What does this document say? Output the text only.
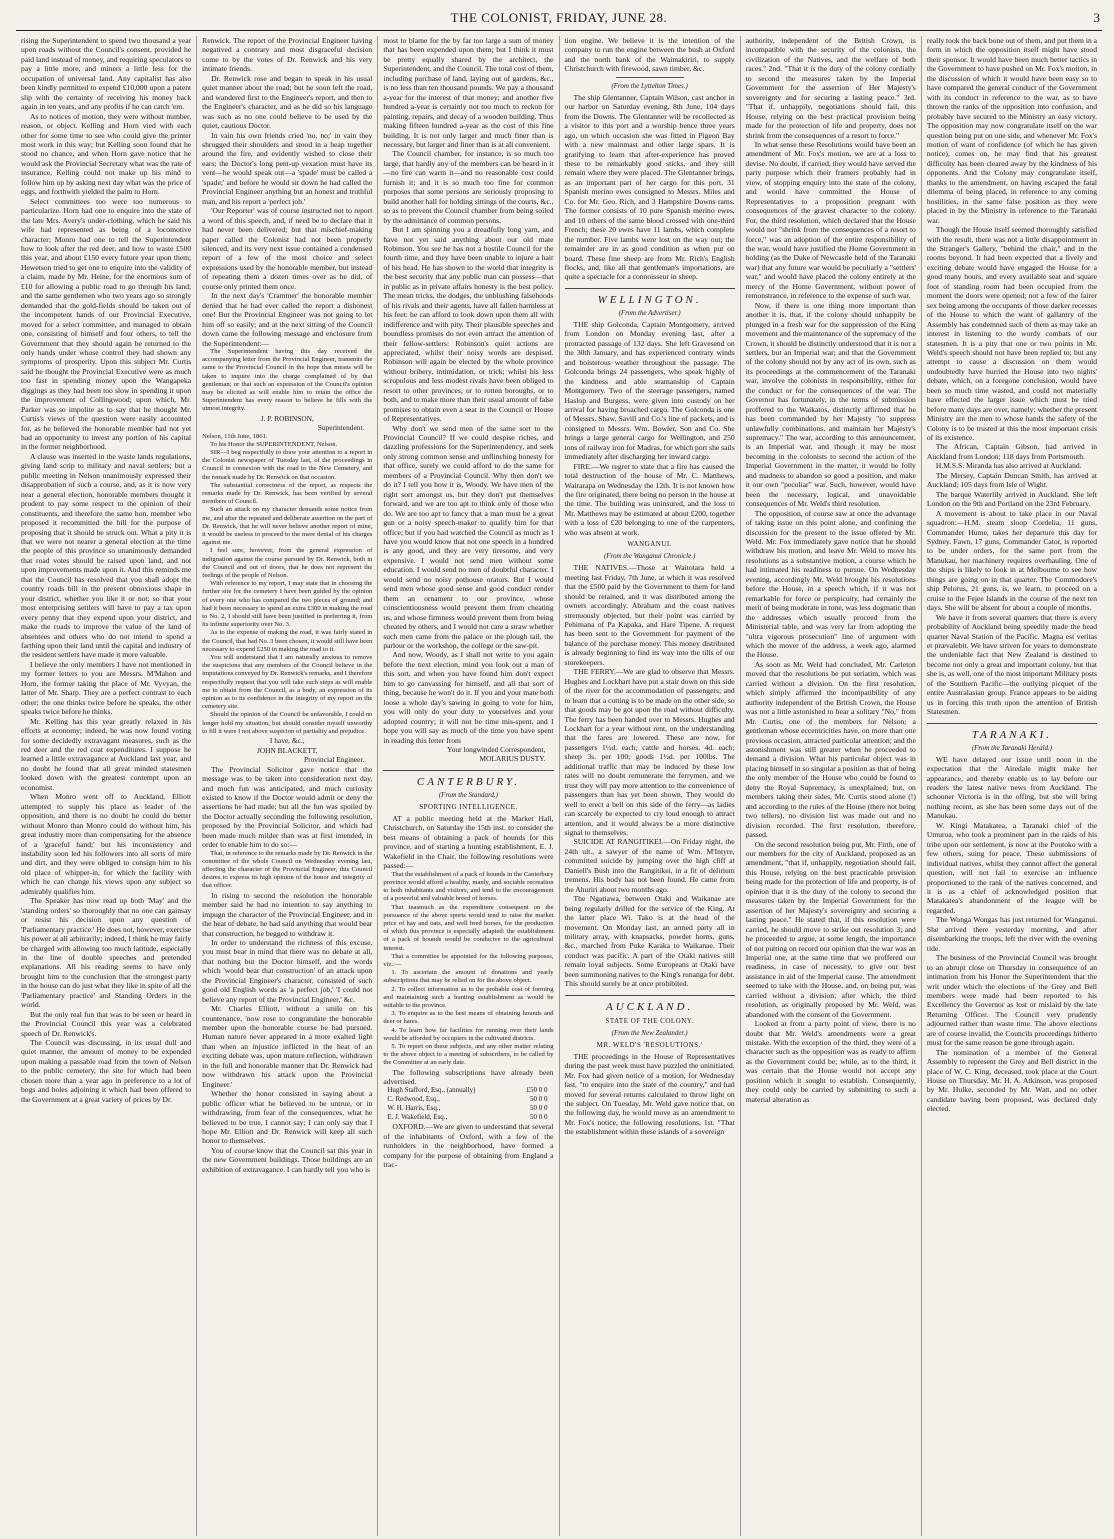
THE COLONIST, FRIDAY, JUNE 28.	3

rising the Superintendent to spend two thousand a year upon roads without the Council's consent, provided he paid land instead of money, and requiring speculators to pay a little more, and miners a little less for the occupation of universal land. Any capitalist has also been kindly permitted to expend £10,000 upon a patent slip with the certainty of receiving his money back again in ten years, and any profits if he can catch 'em.

As to notices of motion, they were without number, reason, or object. Kelling and Horn vied with each other for some time to see who could give the printer most work in this way; but Kelling soon found that he stood no chance, and when Horn gave notice that he would ask the Provincial Secretary what was the rate of insurance, Kelling could not make up his mind to follow him up by asking next day what was the price of eggs, and forthwith yielded the palm to Horn.

Select committees too were too numerous to particularize. Horn had one to enquire into the state of the late Mrs. Avery's under-clothing, which he said his wife had represented as being of a locomotive character; Monro had one to tell the Superintendent how to look after the red deer, and how to waste £500 this year, and about £150 every future year upon them; Hewetson tried to get one to enquire into the validity of a claim, made by Mr. Heine, for the enormous sum of £10 for allowing a public road to go through his land; and the same gentlemen who two years ago so strongly demanded that the gold-fields should be taken out of the incompetent hands of our Provincial Executive, moved for a select committee, and managed to obtain one, consisting of himself and four others, to tell the Government that they should again be returned to the only hands under whose control they had shown any symptoms of prosperity. Upon this subject Mr. Curtis said he thought the Provincial Executive were as much too fast in spending money upon the Wangapeka diggings as they had been too slow in spending it upon the improvement of Collingwood; upon which, Mr. Parker was so impolite as to say that he thought Mr. Curtis's views of the question were easily accounted for, as he believed the honorable member had not yet had an opportunity to invest any portion of his capital in the former neighborhood.

A clause was inserted in the waste lands regulations, giving land scrip to military and naval settlers; but a public meeting in Nelson unanimously expressed their disapprobation of such a course, and, as it is now very near a general election, honorable members thought it prudent to pay some respect to the opinion of their constituents, and therefore the same hon. member who proposed it recommitted the bill for the purpose of proposing that it should be struck out. What a pity it is that we were not nearer a general election at the time the people of this province so unanimously demanded that road votes should be raised upon land, and not upon improvements made upon it. And this reminds me that the Council has resolved that you shall adopt the country roads bill in the present obnoxious shape in your district, whether you like it or not; so that your most enterprising settlers will have to pay a tax upon every penny that they expend upon your district, and make the roads to improve the value of the land of absentees and others who do not intend to spend a farthing upon their land until the capital and industry of the resident settlers have made it more valuable.

I believe the only members I have not mentioned in my former letters to you are Messrs. M'Mahon and Horn, the former taking the place of Mr. Vyvyan, the latter of Mr. Sharp. They are a perfect contrast to each other; the one thinks twice before he speaks, the other speaks twice before he thinks.

Mr. Kelling has this year greatly relaxed in his efforts at economy; indeed, he was now found voting for some decidedly extravagant measures, such as the red deer and the red coat expenditures. I suppose he learned a little extravagance at Auckland last year, and no doubt he found that all great minded statesmen looked down with the greatest contempt upon an economist.

When Monro went off to Auckland, Elliott attempted to supply his place as leader of the opposition, and there is no doubt he could do better without Monro than Monro could do without him, his great industry more than compensating for the absence of a 'graceful hand;' but his inconsistency and instability soon led his followers into all sorts of mire and dirt, and they were obliged to consign him to his old place of whipper-in, for which the facility with which he can change his views upon any subject so admirably qualifies him.

The Speaker has now read up both 'May' and the 'standing orders' so thoroughly that no one can gainsay or resist his decision upon any question of 'Parliamentary practice.' He does not, however, exercise his power at all arbitrarily; indeed, I think he may fairly be charged with allowing too much latitude, especially in the line of double speeches and pretended explanations. All his reading seems to have only brought him to the conclusion that the strongest party in the house can do just what they like in spite of all the 'Parliamentary practice' and Standing Orders in the world.

But the only real fun that was to be seen or heard in the Provincial Council this year was a celebrated speech of Dr. Renwick's.

The Council was discussing, in its usual dull and quiet manner, the amount of money to be expended upon making a passable road from the town of Nelson to the public cemetery, the site for which had been chosen more than a year ago in preference to a lot of bogs and holes adjoining it which had been offered to the Government at a great variety of prices by Dr.

Renwick. The report of the Provincial Engineer having negatived a contrary and most disgraceful decision come to by the votes of Dr. Renwick and his very intimate friends.

Dr. Renwick rose and began to speak in his usual quiet manner about the road; but he soon left the road, and wandered first to the Engineer's report, and then to the Engineer's character, and as he did so his language was such as no one could believe to be used by the quiet, cautious Doctor.

In vain his own friends cried 'no, no;' in vain they shrugged their shoulders and stood in a heap together around the fire, and evidently wished to close their ears; the Doctor's long pent-up vexation must have its vent—he would speak out—a 'spade' must be called a 'spade;' and before he would sit down he had called the Provincial Engineer anything but an honest and truthful man, and his report a 'perfect job.'

'Our Reporter' was of course instructed not to report a word of this speech, and, if need be to declare that it had never been delivered; but that mischief-making paper called the Colonist had not been properly silenced, and its very next issue contained a condensed report of a few of the most choice and select expressions used by the honorable member, but instead of repeating them a dozen times over as he did, of course only printed them once.

In the next day's 'Crammer' the honorable member denied that he had ever called the report a dishonest one! But the Provincial Engineer was not going to let him off so easily; and at the next sitting of the Council down came the following message and enclosure from the Superintendent:—

The Superintendent having this day received the accompanying letter from the Provincial Engineer, transmits the same to the Provincial Council in the hope that means will be taken to inquire into the charge complained of by that gentleman; or that such an expression of the Council's opinion may be elicited as will enable him to retain the office the Superintendent has every reason to believe he fills with the utmost integrity.

J. P. ROBINSON,
Superintendent.
Nelson, 11th June, 1861.

To his Honor the SUPERINTENDENT, Nelson.

SIR—I beg respectfully to draw your attention to a report in the Colonist newspaper of Tuesday last, of the proceedings in Council in connexion with the road to the New Cemetery, and the remark made by Dr. Renwick on that occasion.

The substantial correctness of the report, as respects the remarks made by Dr. Renwick, has been verified by several members of Council.

Such an attack on my character demands some notice from me, and after the repeated and deliberate assertion on the part of Dr. Renwick, that he will never believe another report of mine, it would be useless to proceed to the mere denial of his charges against me.

I feel sure, however, from the general expression of indignation against the course pursued by Dr. Renwick, both in the Council and out of doors, that he does not represent the feelings of the people of Nelson.

With reference to my report, I may state that in choosing the further site for the cemetery I have been guided by the opinion of every one who has compared the two pieces of ground; and had it been necessary to spend an extra £300 in making the road to No. 2, I should still have been justified in preferring it, from its infinite superiority over No. 3.

As to the expense of making the road, it was fairly stated in the Council, that had No. 3 been chosen, it would still have been necessary to expend £250 in making the road to it.

You will understand that I am naturally anxious to remove the suspicions that any members of the Council believe in the imputations conveyed by Dr. Renwick's remarks, and I therefore respectfully request that you will take such steps as will enable me to obtain from the Council, as a body, an expression of its opinion as to its confidence in the integrity of my report on the cemetery site.

Should the opinion of the Council be unfavorable, I could no longer hold my situation, but should consider myself unworthy to fill it were I not above suspicion of partiality and prejudice.

I have, &c.,
JOHN BLACKETT,
Provincial Engineer.

The Provincial Solicitor gave notice that the message was to be taken into consideration next day, and much fun was anticipated, and much curiosity existed to know if the Doctor would admit or deny the assertions he had made; but all the fun was spoiled by the Doctor actually seconding the following resolution, proposed by the Provincial Solicitor, and which had been made much milder than was at first intended, in order to enable him to do so:—

That, in reference to the remarks made by Dr. Renwick in the committee of the whole Council on Wednesday evening last, affecting the character of the Provincial Engineer, this Council desires to express its high opinion of the honor and integrity of that officer.

In rising to second the resolution the honorable member said he had no intention to say anything to impugn the character of the Provincial Engineer, and in the heat of debate, he had said anything that would bear that construction, he begged to withdraw it.

In order to understand the richness of this excuse, you must bear in mind that there was no debate at all, that nothing but the Doctor himself, and the words which 'would bear that construction' of an attack upon the Provincial Engineer's character, consisted of such good old English words as 'a perfect job,' 'I could not believe any report of the Provincial Engineer,' &c.

Mr. Charles Elliott, without a smile on his countenance, 'now rose to congratulate the honorable member upon the honorable course he had pursued. Human nature never appeared in a more exalted light than when an injustice inflicted in the heat of an exciting debate was, upon mature reflection, withdrawn in the full and honorable manner that Dr. Renwick had now withdrawn his attack upon the Provincial Engineer.'

Whether the honor consisted in saying about a public officer what he believed to be untrue, or in withdrawing, from fear of the consequences, what he believed to be true, I cannot say; I can only say that I hope Mr. Elliott and Dr. Renwick will keep all such honor to themselves.

You of course know that the Council sat this year in the new Government buildings. Those buildings are an exhibition of extravagance. I can hardly tell you who is

most to blame for the by far too large a sum of money that has been expended upon them; but I think it must be pretty equally shared by the architect, the Superintendent, and the Council. The total cost of them, including purchase of land, laying out of gardens, &c., is no less than ten thousand pounds. We pay a thousand a-year for the interest of that money; and another five hundred a-year is certainly not too much to reckon for painting, repairs, and decay of a wooden building. Thus making fifteen hundred a-year as the cost of this fine building. It is not only larger and much finer than is necessary, but larger and finer than is at all convenient.

The Council chamber, for instance, is so much too large, that hardly any of the members can be heard in it—no fire can warm it—and no reasonable cost could furnish it; and it is so much too fine for common purposes that some persons are seriously proposing to build another hall for holding sittings of the courts, &c., so as to prevent the Council chamber from being soiled by the admittance of common persons.

But I am spinning you a dreadfully long yarn, and have not yet said anything about our old mate Robinson. You see he has not a hostile Council for the fourth time, and they have been unable to injure a hair of his head. He has shown to the world that integrity is the best security that any public man can possess—that in public as in private affairs honesty is the best policy. The mean tricks, the dodges, the unblushing falsehoods of his rivals and their agents, have all fallen harmless at his feet: he can afford to look down upon them all with indifference and with pity. Their plausible speeches and boundless promises do not even attract the attention of their fellow-settlers: Robinson's quiet actions are appreciated, whilst their noisy words are despised. Robinson will again be elected by the whole province without bribery, intimidation, or trick; whilst his less scrupulous and less modest rivals have been obliged to resort to other provinces, or to rotten boroughs, or to both, and to make more than their usual amount of false promises to obtain even a seat in the Council or House of Representatives.

Why don't we send men of the same sort to the Provincial Council? If we could despise riches, and dazzling professions for the Superintendency, and seek only strong common sense and unflinching honesty for that office, surely we could afford to do the same for members of a Provincial Council. Why then don't we do it? I tell you how it is, Woody. We have men of the right sort amongst us, but they don't put themselves forward, and we are too apt to think only of those who do. We are too apt to fancy that a man must be a great gun or a noisy speech-maker to qualify him for that office; but if you had watched the Council as much as I have you would know that not one speech in a hundred is any good, and they are very tiresome, and very expensive. I would not send men without some education. I would send no men of doubtful character. I would send no noisy pothouse orators. But I would send men whose good sense and good conduct render them an ornament to our province, whose conscientiousness would prevent them from cheating us, and whose firmness would prevent them from being cheated by others, and I would not care a straw whether such men came from the palace or the plough tail, the parlour or the workshop, the college or the saw-pit.

And now, Woody, as I shall not write to you again before the next election, mind you look out a man of this sort, and when you have found him don't expect him to go canvassing for himself, and all that sort of thing, because he won't do it. If you and your mate both loose a whole day's sawing in going to vote for him, you will only do your duty to yourselves and your adopted country; it will not be time mis-spent, and I hope you will say as much of the time you have spent in reading this letter from

Your longwinded Correspondent,
MOLARIUS DUSTY.
CANTERBURY.
(From the Standard.)
SPORTING INTELLIGENCE.

AT a public meeting held at the Market Hall, Christchurch, on Saturday the 15th inst. to consider the best means of obtaining a pack of hounds for this province, and of starting a hunting establishment, E. J. Wakefield in the Chair, the following resolutions were passed:—

That the establishment of a pack of hounds in the Canterbury province would afford a healthy, manly, and sociable recreation to both inhabitants and visitors, and tend to the encouragement of a powerful and valuable breed of horses.

That inasmuch as the expenditure consequent on the pursuance of the above sports would tend to raise the market price of hay and oats, and well bred horses, for the production of which this province is especially adapted: the establishment of a pack of hounds would be conducive to the agricultural interest.

That a committee be appointed for the following purposes, viz.:—

1. To ascertain the amount of donations and yearly subscriptions that may be relied on for the above object.

2. To collect information as to the probable cost of forming and maintaining such a hunting establishment as would be suitable to the province.

3. To enquire as to the best means of obtaining hounds and deer or hares.

4. To learn how far facilities for running over their lands would be afforded by occupiers in the cultivated districts.

5. To report on these subjects, and any other matter relating to the above object to a meeting of subscribers, to be called by the Committee at an early date.

The following subscriptions have already been advertised.

Hugh Stafford, Esq., (annually)	£50 0 0
C. Redwood, Esq.,	50 0 0
W. H. Harris, Esq.,	50 0 0
E. J. Wakefield, Esq.,	50 0 0

OXFORD.—We are given to understand that several of the inhabitants of Oxford, with a few of the runholders in the neighborhood, have formed a company for the purpose of obtaining from England a trac-

tion engine. We believe it is the intention of the company to run the engine between the bush at Oxford and the north bank of the Waimakiriri, to supply Christchurch with firewood, sawn timber, &c.

(From the Lyttelton Times.)

The ship Glentanner, Captain Wilson, cast anchor in our harbor on Saturday evening, 8th June, 104 days from the Downs. The Glentanner will be recollected as a visitor to this port and a worship hence three years ago, on which occasion she was fitted in Pigeon Bay with a new mainmast and other large spars. It is gratifying to learn that after-experience has proved these to be remarkably good sticks, and they still remain where they were placed. The Glentanner brings, as an important part of her cargo for this port, 31 Spanish merino ewes consigned to Messrs. Miles and Co. for Mr. Geo. Rich, and 3 Hampshire Downs rams. The former consists of 10 pure Spanish merino ewes, and 10 others of the same blood crossed with one-third French; these 20 ewes have 11 lambs, which complete the number. Five lambs were lost on the way out; the remainder are in as good condition as when put on board. These fine sheep are from Mr. Rich's English flocks, and, like all that gentleman's importations, are quite a spectacle for a connoisseur in sheep.

WELLINGTON.
(From the Advertiser.)

THE ship Golconda, Captain Montgomery, arrived from London on Monday evening last, after a protracted passage of 132 days. She left Gravesend on the 30th January, and has experienced contrary winds and boisterous weather throughout the passage. The Golconda brings 24 passengers, who speak highly of the kindness and able seamanship of Captain Montgomery. Two of the steerage passengers, named Haslop and Burgess, were given into custody on her arrival for having broached cargo. The Golconda is one of Messrs. Shaw, Savill and Co.'s line of packets, and is consigned to Messrs. Wm. Bowler, Son and Co. She brings a large general cargo for Wellington, and 250 tons of railway iron for Madras, for which port she sails immediately after discharging her inward cargo.

FIRE.—We regret to state that a fire has caused the total destruction of the house of Mr. C. Matthews, Wairarapa on Wednesday the 12th. It is not known how the fire originated, there being no person in the house at the time. The building was uninsured, and the loss to Mr. Matthews may be estimated at about £200, together with a loss of £20 belonging to one of the carpenters, who was absent at work.

WANGANUI.
(From the Wanganui Chronicle.)

THE NATIVES.—Those at Waitotara held a meeting last Friday, 7th June, at which it was resolved that the £500 paid by the Government to them for land should be retained, and it was distributed among the owners accordingly. Abraham and the coast natives strenuously objected, but their point was carried by Pehimana of Pa Kapaka, and Hare Tipene. A request has been sent to the Government for payment of the balance of the purchase money. This money distributed is already beginning to find its way into the tills of our storekeepers.

THE FERRY.—We are glad to observe that Messrs. Hughes and Lockhart have put a stair down on this side of the river for the accommodation of passengers; and to learn that a cutting is to be made on the other side, so that goods may be got upon the road without difficulty. The ferry has been handed over to Messrs. Hughes and Lockhart for a year without rent, on the understanding that the fares are lowered. These are now, for passengers 1½d. each; cattle and horses, 4d. each; sheep 3s. per 100; goods 1½d. per 100lbs. The additional traffic that may be induced by these low rates will no doubt remunerate the ferrymen, and we trust they will pay more attention to the convenience of passengers than has yet been shown. They would do well to erect a bell on this side of the ferry—as ladies can scarcely be expected to cry loud enough to attract attention, and it would always be a more distinctive signal to themselves.

SUICIDE AT RANGITIKEI.—On Friday night, the 24th ult., a sawyer of the name of Wm. M'Intyre, committed suicide by jumping over the high cliff at Daniell's Bush into the Rangitikei, in a fit of delirium tremens. His body has not been found. He came from the Ahuriri about two months ago.

The Ngatiawa, between Otaki and Waikanae are being regularly drilled for the service of the King. At the latter place Wi. Tako is at the head of the movement. On Monday last, an armed party all in military array, with knapsacks, powder horns, guns, &c., marched from Puke Karaka to Waikanae. Their conduct was pacific. A part of the Otaki natives still remain loyal subjects. Some Europeans at Otaki have been summoning natives to the King's runanga for debt. This should surely be at once prohibited.

AUCKLAND.
STATE OF THE COLONY.
(From the New Zealander.)
MR. WELD'S 'RESOLUTIONS.'

THE proceedings in the House of Representatives during the past week must have puzzled the uninitiated. Mr. Fox had given notice of a motion, for Wednesday last, "to enquire into the state of the country," and had moved for several returns calculated to throw light on the subject. On Tuesday, Mr. Weld gave notice that, on the following day, he would move as an amendment to Mr. Fox's notice, the following resolutions, 1st. "That the establishment within these islands of a sovereign

authority, independent of the British Crown, is incompatible with the security of the colonists, the civilization of the Natives, and the welfare of both races." 2nd. "That it is the duty of the colony cordially to second the measures taken by the Imperial Government for the assertion of Her Majesty's sovereignty and for securing a lasting peace." 3rd. "That if, unhappily, negotiations should fail, this House, relying on the best practical provision being made for the protection of life and property, does not shrink from the consequences of a resort to force."

In what sense these Resolutions would have been an amendment of Mr. Fox's motion, we are at a loss to devise. No doubt, if carried, they would have served the party purpose which their framers probably had in view, of stopping enquiry into the state of the colony, and would have committed the House of Representatives to a proposition pregnant with consequences of the gravest character to the colony. For, the third resolution, which declared that the House would not "shrink from the consequences of a resort to force," was an adoption of the entire responsibility of the war, would have justified the Home Government in holding (as the Duke of Newcastle held of the Taranaki war) that any future war would be peculiarly a "settlers' war," and would have placed the colony entirely at the mercy of the Home Government, without power of remonstrance, in reference to the expense of such war.

Now, if there is one thing more important than another it is, that, if the colony should unhappily be plunged in a fresh war for the suppression of the King movement and the maintenance of the supremacy of the Crown, it should be distinctly understood that it is not a settlers, but an Imperial war; and that the Government of the colony should not by any act of its own, such as its proceedings at the commencement of the Taranaki war, involve the colonists in responsibility, either for the conduct or for the consequences of the war. The Governor has fortunately, in the terms of submission proffered to the Waikatos, distinctly affirmed that he has been commanded by her Majesty "to suppress unlawfully combinations, and maintain her Majesty's supremacy." The war, according to this announcement, is an Imperial war, and though it may be most becoming in the colonists to second the action of the Imperial Government in the matter, it would be folly and madness to abandon so good a position, and make it our own "peculiar" war. Such, however, would have been the necessary, logical, and unavoidable consequences of Mr. Weld's third resolution.

The opposition, of course saw at once the advantage of taking issue on this point alone, and confining the discussion for the present to the issue offered by Mr. Weld. Mr. Fox immediately gave notice that he should withdraw his motion, and leave Mr. Weld to move his resolutions as a substantive motion, a course which he had intimated his readiness to pursue. On Wednesday evening, accordingly Mr. Weld brought his resolutions before the House, in a speech which, if it was not remarkable for force or perspicuity, had certainly the merit of being moderate in tone, was less dogmatic than the addresses which usually proceed from the Ministerial table, and was very far from adopting the "ultra vigorous prosecution" line of argument with which the mover of the address, a week ago, alarmed the House.

As soon as Mr. Weld had concluded, Mr. Carleton moved that the resolutions be put seriatim, which was carried without a division. On the first resolution, which simply affirmed the incompatibility of any authority independent of the British Crown, the House was not a little astonished to hear a solitary "No," from Mr. Curtis, one of the members for Nelson; a gentleman whose eccentricities have, on more than one previous occasion, attracted particular attention; and the astonishment was still greater when he proceeded to demand a division. What his particular object was in placing himself in so singular a position as that of being the only member of the House who could be found to deny the Royal Supremacy, is unexplained; but, on members taking their sides, Mr. Curtis stood alone (!) and according to the rules of the House (there not being two tellers), no division list was made out and no division recorded. The first resolution, therefore, passed.

On the second resolution being put, Mr. Firth, one of our members for the city of Auckland, proposed as an amendment, "that if, unhappily, negotiation should fail, this House, relying on the best practicable provision being made for the protection of life and property, is of opinion that it is the duty of the colony to second the measures taken by the Imperial Government for the assertion of her Majesty's sovereignty and securing a lasting peace." He stated that, if this resolution were carried, he should move to strike out resolution 3; and he proceeded to argue, at some length, the importance of not putting on record our opinion that the war was an Imperial one, at the same time that we proffered our readiness, in case of necessity, to give our best assistance in aid of the Imperial cause. The amendment seemed to take with the House, and, on being put, was carried without a division; after which, the third resolution, as originally proposed by Mr. Weld, was abandoned with the consent of the Government.

Looked at from a party point of view, there is no doubt that Mr. Weld's amendments were a great mistake. With the exception of the third, they were of a character such as the opposition was as ready to affirm as the Government could be; while, as to the third, it was certain that the House would not accept any position which it sought to establish. Consequently, they could only be carried by submitting to such a material alteration as

really took the back bone out of them, and put them in a form in which the opposition itself might have stood their sponsor. It would have been much better tactics in the Government to have pushed on Mr. Fox's motion, in the discussion of which it would have been easy so to have compared the general conduct of the Government with its conduct in reference to the war, as to have thrown the ranks of the opposition into confusion, and probably have secured to the Ministry an easy victory. The opposition may now congratulate itself on the war question being put on one side, and whenever Mr. Fox's motion of want of confidence (of which he has given notice), comes on, he may find that his greatest difficulty has been cleared away by the kindness of his opponents. And the Colony may congratulate itself, thanks to the amendment, on having escaped the fatal dilemma of being placed, in reference to any coming hostilities, in the same false position as they were placed in by the Ministry in reference to the Taranaki war.

Though the House itself seemed thoroughly satisfied with the result, there was not a little disappointment in the Stranger's Gallery, "behind the chair," and in the rooms beyond. It had been expected that a lively and exciting debate would have engaged the House for a good many hours, and every available seat and square foot of standing room had been occupied from the moment the doors were opened; not a few of the fairer sex being among the occupants of those darker recesses of the House to which the want of gallantry of the Assembly has condemned such of them as may take an interest in listening to the wordy combats of our statesmen. It is a pity that one or two points in Mr. Weld's speech should not have been replied to; but any attempt to cause a discussion on them would undoubtedly have hurried the House into two nights' debate, which, on a foregone conclusion, would have been so much time wasted, and could not materially have effected the larger issue which must be tried before many days are over, namely: whether the present Ministry are the men to whose hands the safety of the Colony is to be trusted at this the most important crisis of its existence.

The African, Captain Gibson, had arrived in Auckland from London; 118 days from Portsmouth.

H.M.S.S. Miranda has also arrived at Auckland.

The Mersey, Captain Duncan Smith, has arrived at Auckland; 105 days from Isle of Wight.

The barque Waterlily arrived in Auckland. She left London on the 9th and Portland on the 23rd February.

A movement is about to take place in our Naval squadron:—H.M. steam sloop Cordelia, 11 guns, Commander Hume, takes her departure this day for Sydney. Fawn, 17 guns, Commander Cator, is reported to be under orders, for the same port from the Manukau, her machinery requires overhauling. One of the ships is likely to look in at Melbourne to see how things are going on in that quarter. The Commodore's ship Pelorus, 21 guns, is, we learn, to proceed on a cruise to the Fejee Islands in the course of the next ten days. She will be absent for about a couple of months.

We have it from several quarters that there is every probability of Auckland being speedily made the head quarter Naval Station of the Pacific. Magna est veritas et prævalebit. We have striven for years to demonstrate the undeniable fact that New Zealand is destined to become not only a great and important colony, but that she is, as well, one of the most important Military posts of the Southern Pacific—the outlying picquet of the entire Australasian group. France appears to be aiding us in forcing this truth upon the attention of British Statesmen.

TARANAKI.
(From the Taranaki Herald.)

WE have delayed our issue until noon in the expectation that the Airedale might make her appearance, and thereby enable us to lay before our readers the latest native news from Auckland. The schooner Victoria is in the offing, but she will bring nothing recent, as she has been some days out of the Manukau.

W. Kingi Matakatea, a Taranaki chief of the Umuroa, who took a prominent part in the raids of his tribe upon our settlement, is now at the Poutoko with a few others, suing for peace. These submissions of individual natives, whilst they cannot affect the general question, will not fail to exercise an influence proportioned to the rank of the natives concerned, and it is as a chief of acknowledged position that Matakatea's abandonment of the league will be regarded.

The Wonga Wongas has just returned for Wanganui. She arrived there yesterday morning, and after disembarking the troops, left the river with the evening tide.

The business of the Provincial Council was brought to an abrupt close on Thursday in consequence of an intimation from his Honor the Superintendent that the writ under which the elections of the Grey and Bell members were made had been reported to his Excellency the Governor as lost or mislaid by the late Returning Officer. The Council very prudently adjourned rather than waste time. The above elections are of course invalid, the Councils proceedings hitherto must for the same reason be gone through again.

The nomination of a member of the General Assembly to represent the Grey and Bell district in the place of W. C. King, deceased, took place at the Court House on Thursday. Mr. H. A. Atkinson, was proposed by Mr. Hulke, seconded by Mr. Watt, and no other candidate having been proposed, was declared duly elected.
